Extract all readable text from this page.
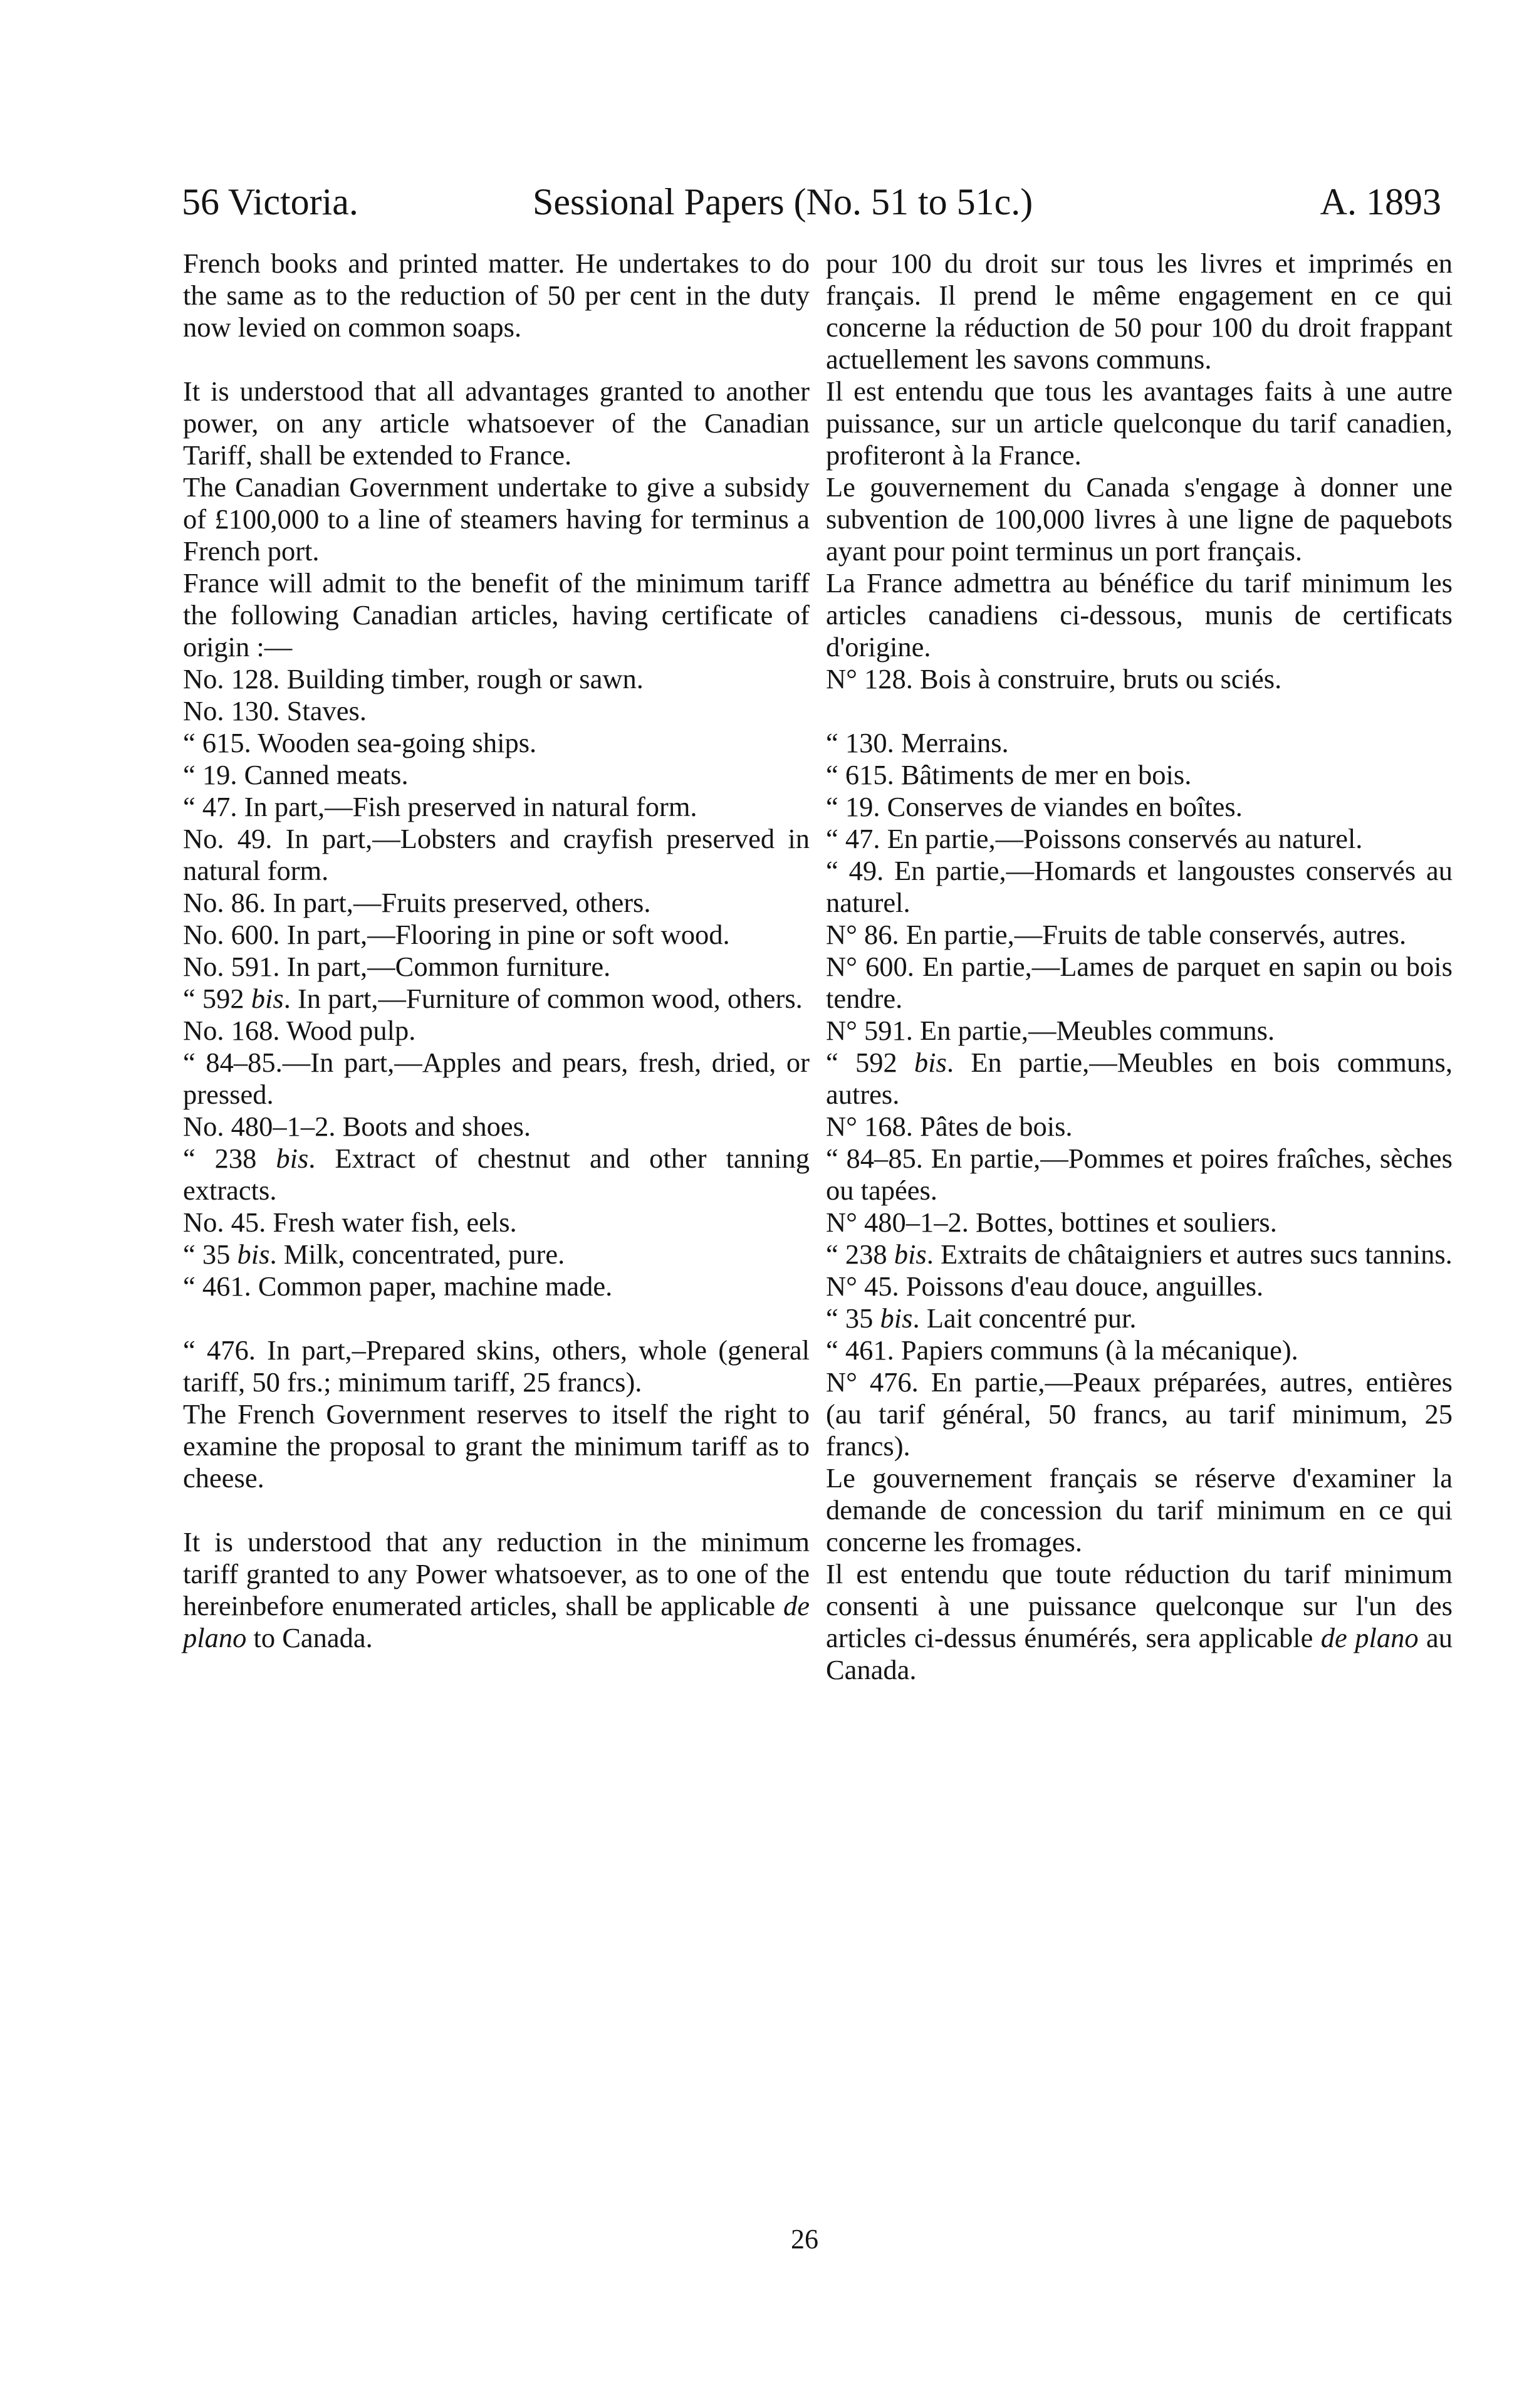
56 Victoria.	Sessional Papers (No. 51 to 51c.)	A. 1893

French books and printed matter. He undertakes to do the same as to the reduction of 50 per cent in the duty now levied on common soaps.

It is understood that all advantages granted to another power, on any article whatsoever of the Canadian Tariff, shall be extended to France.

The Canadian Government undertake to give a subsidy of £100,000 to a line of steamers having for terminus a French port.

France will admit to the benefit of the minimum tariff the following Canadian articles, having certificate of origin :—

No. 128. Building timber, rough or sawn.

No. 130. Staves.

“ 615. Wooden sea-going ships.

“ 19. Canned meats.

“ 47. In part,—Fish preserved in natural form.

No. 49. In part,—Lobsters and crayfish preserved in natural form.

No. 86. In part,—Fruits preserved, others.

No. 600. In part,—Flooring in pine or soft wood.

No. 591. In part,—Common furniture.

“ 592 bis. In part,—Furniture of common wood, others.

No. 168. Wood pulp.

“ 84–85.—In part,—Apples and pears, fresh, dried, or pressed.

No. 480–1–2. Boots and shoes.

“ 238 bis. Extract of chestnut and other tanning extracts.

No. 45. Fresh water fish, eels.

“ 35 bis. Milk, concentrated, pure.

“ 461. Common paper, machine made.

“ 476. In part,–Prepared skins, others, whole (general tariff, 50 frs.; minimum tariff, 25 francs).

The French Government reserves to itself the right to examine the proposal to grant the minimum tariff as to cheese.

It is understood that any reduction in the minimum tariff granted to any Power whatsoever, as to one of the hereinbefore enumerated articles, shall be applicable de plano to Canada.

pour 100 du droit sur tous les livres et imprimés en français. Il prend le même engagement en ce qui concerne la réduction de 50 pour 100 du droit frappant actuellement les savons communs.

Il est entendu que tous les avantages faits à une autre puissance, sur un article quelconque du tarif canadien, profiteront à la France.

Le gouvernement du Canada s'engage à donner une subvention de 100,000 livres à une ligne de paquebots ayant pour point terminus un port français.

La France admettra au bénéfice du tarif minimum les articles canadiens ci-dessous, munis de certificats d'origine.

N° 128. Bois à construire, bruts ou sciés.

“ 130. Merrains.

“ 615. Bâtiments de mer en bois.

“ 19. Conserves de viandes en boîtes.

“ 47. En partie,—Poissons conservés au naturel.

“ 49. En partie,—Homards et langoustes conservés au naturel.

N° 86. En partie,—Fruits de table conservés, autres.

N° 600. En partie,—Lames de parquet en sapin ou bois tendre.

N° 591. En partie,—Meubles communs.

“ 592 bis. En partie,—Meubles en bois communs, autres.

N° 168. Pâtes de bois.

“ 84–85. En partie,—Pommes et poires fraîches, sèches ou tapées.

N° 480–1–2. Bottes, bottines et souliers.

“ 238 bis. Extraits de châtaigniers et autres sucs tannins.

N° 45. Poissons d'eau douce, anguilles.

“ 35 bis. Lait concentré pur.

“ 461. Papiers communs (à la mécanique).

N° 476. En partie,—Peaux préparées, autres, entières (au tarif général, 50 francs, au tarif minimum, 25 francs).

Le gouvernement français se réserve d'examiner la demande de concession du tarif minimum en ce qui concerne les fromages.

Il est entendu que toute réduction du tarif minimum consenti à une puissance quelconque sur l'un des articles ci-dessus énumérés, sera applicable de plano au Canada.

26
